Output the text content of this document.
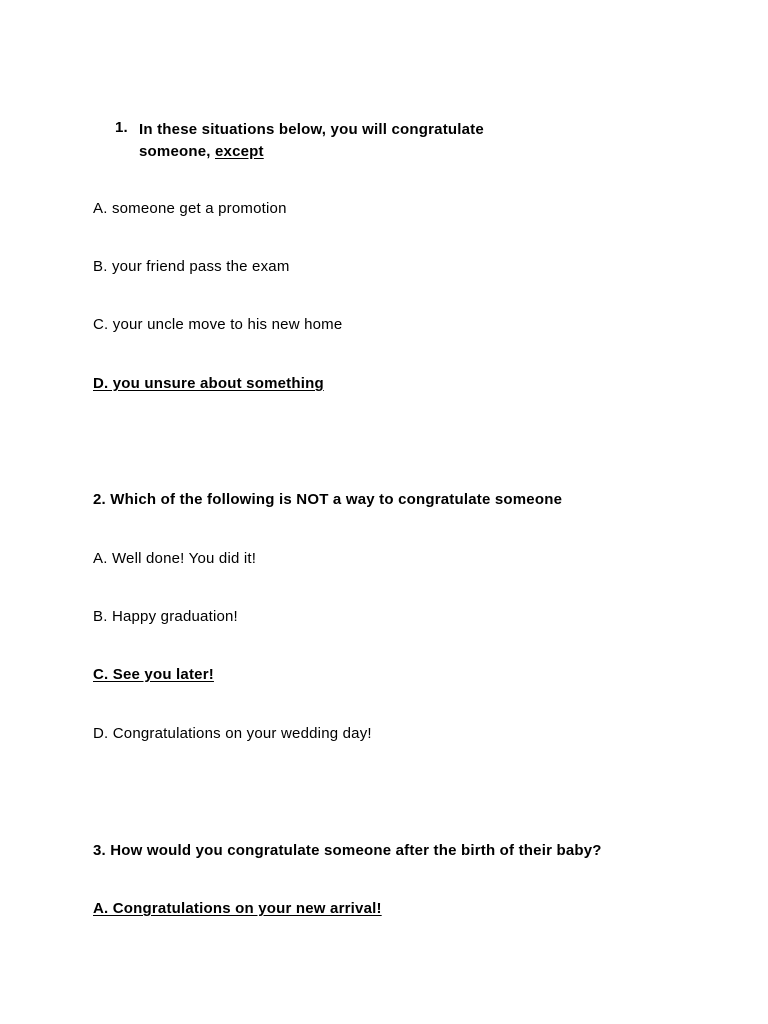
1. In these situations below, you will congratulate
someone, except
A. someone get a promotion
B. your friend pass the exam
C. your uncle move to his new home
D. you unsure about something
2. Which of the following is NOT a way to congratulate someone
A. Well done! You did it!
B. Happy graduation!
C. See you later!
D. Congratulations on your wedding day!
3. How would you congratulate someone after the birth of their baby?
A. Congratulations on your new arrival!
